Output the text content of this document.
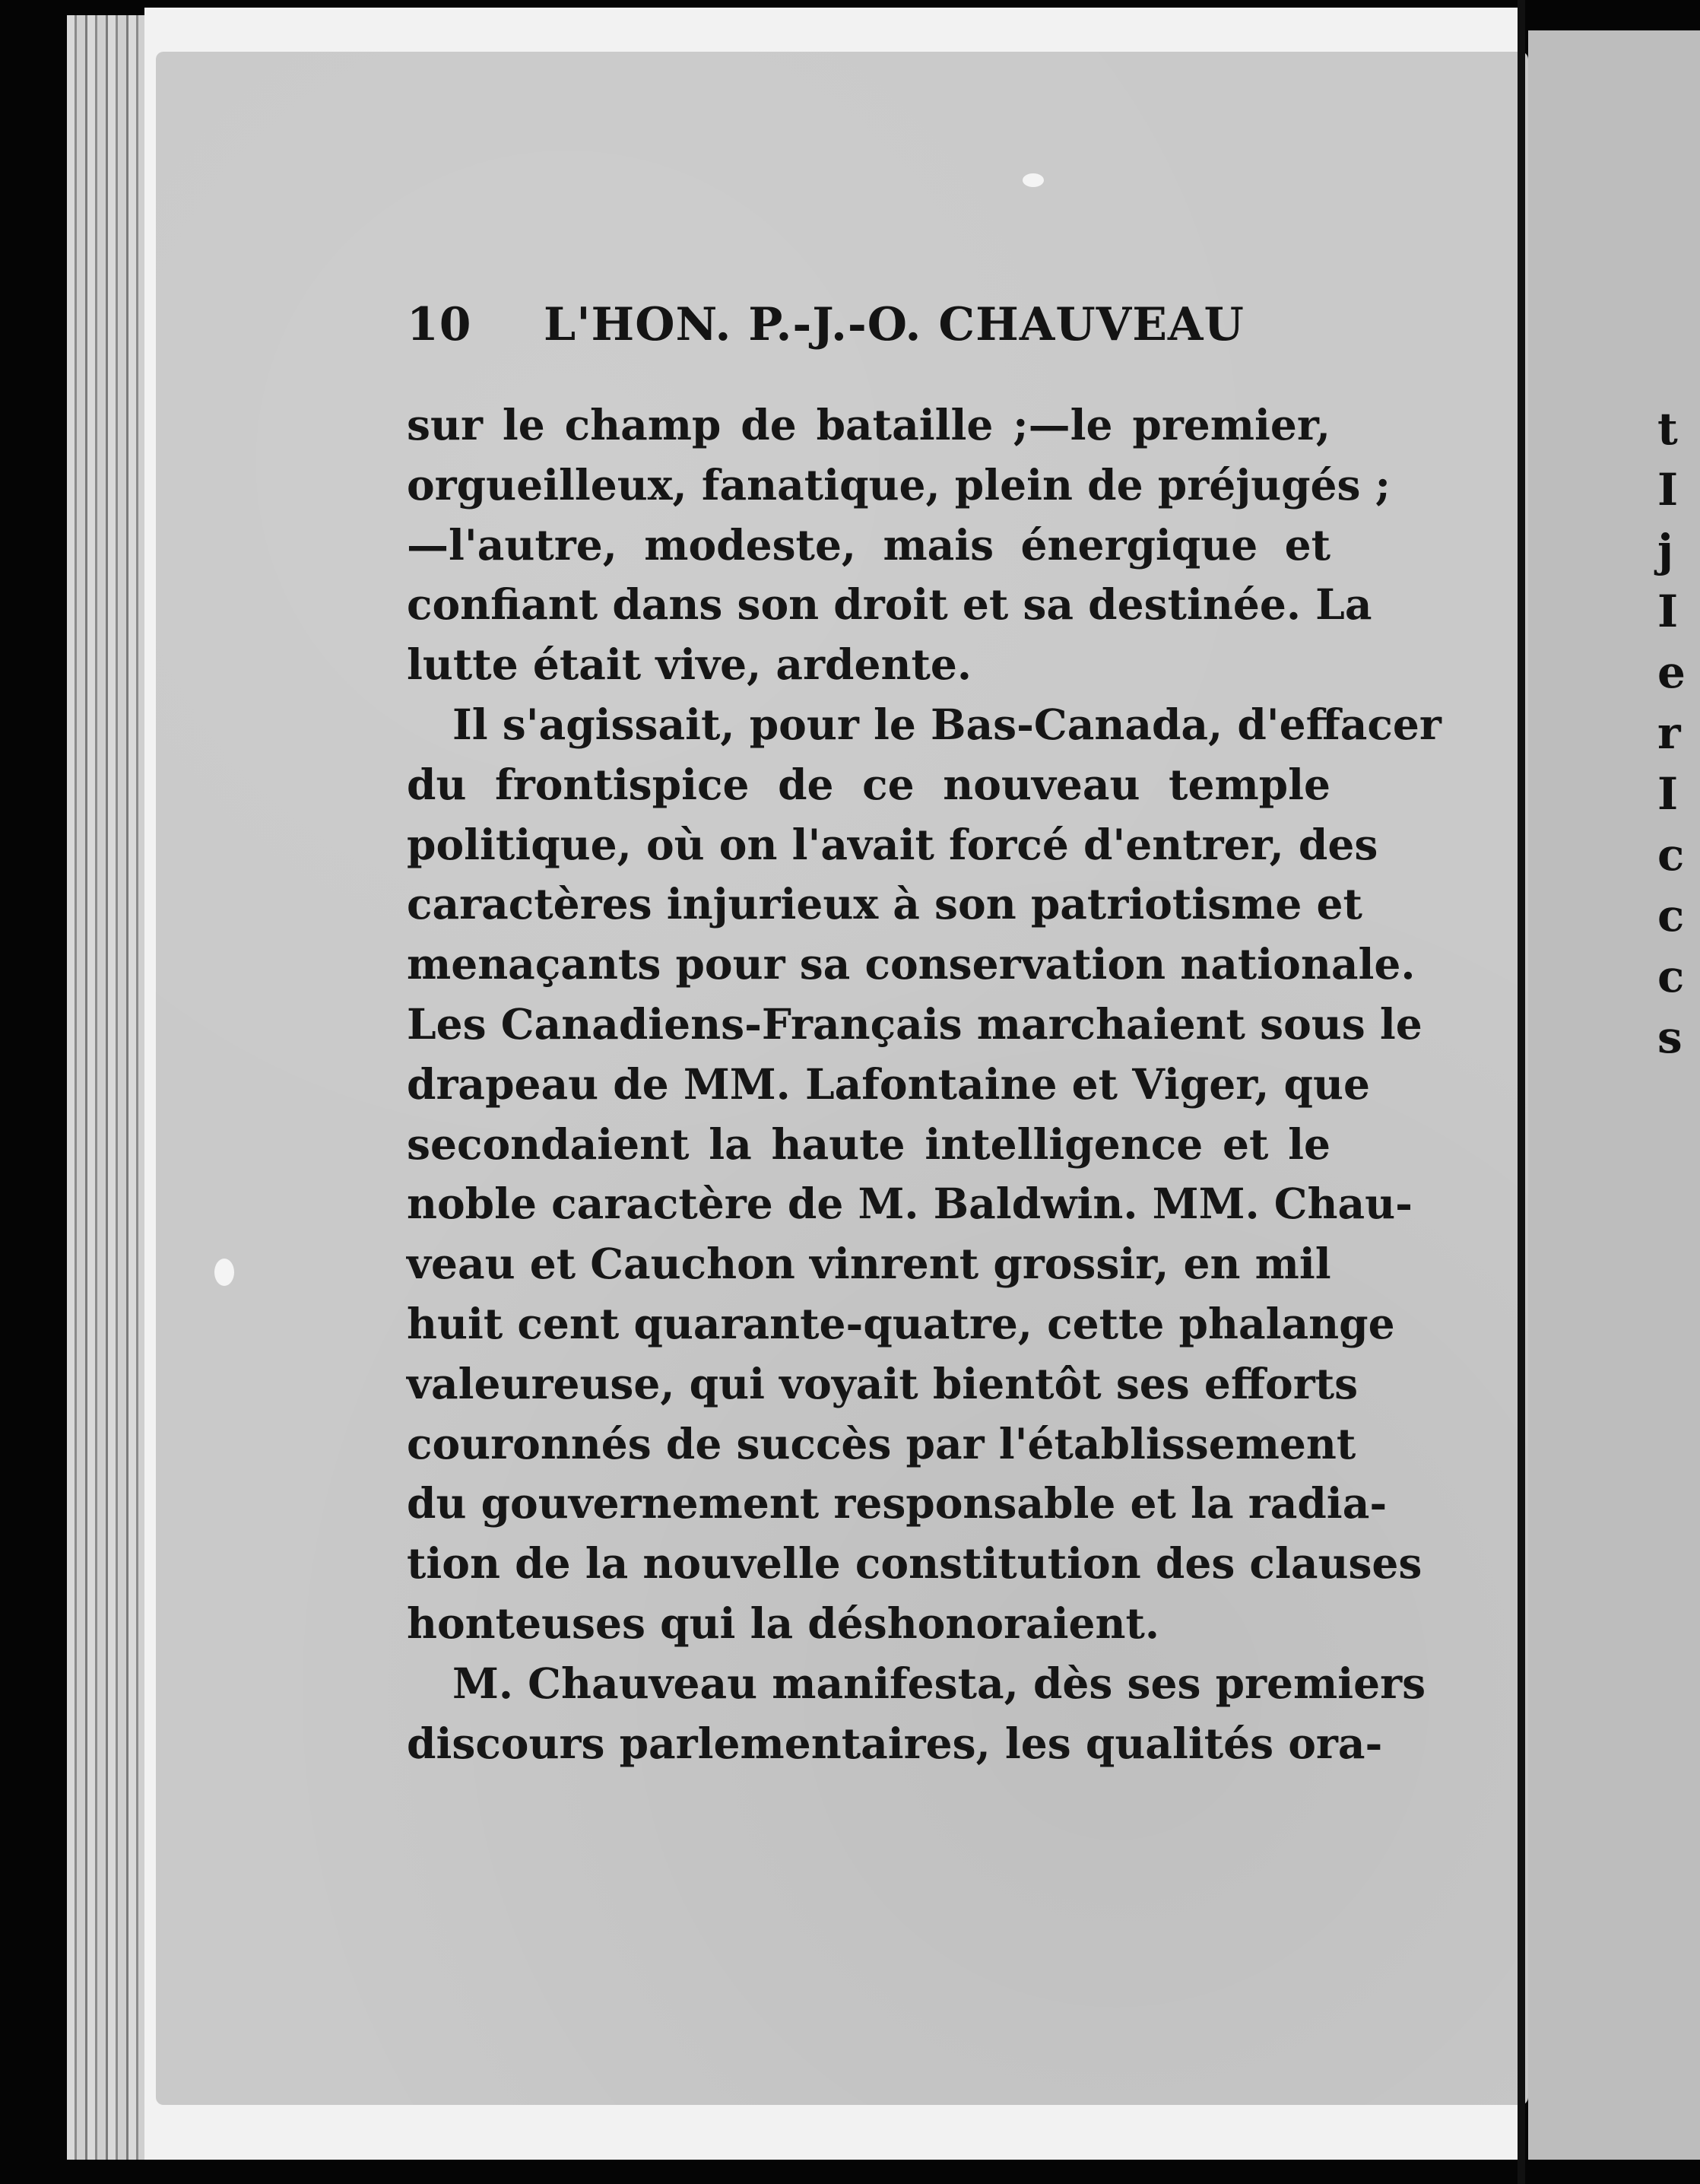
t
I
j
I
e
r
I
c
c
c
s
10 L'HON. P.-J.-O. CHAUVEAU
sur le champ de bataille ;—le premier,
orgueilleux, fanatique, plein de préjugés ;
—l'autre, modeste, mais énergique et
confiant dans son droit et sa destinée. La
lutte était vive, ardente.
Il s'agissait, pour le Bas-Canada, d'effacer
du frontispice de ce nouveau temple
politique, où on l'avait forcé d'entrer, des
caractères injurieux à son patriotisme et
menaçants pour sa conservation nationale.
Les Canadiens-Français marchaient sous le
drapeau de MM. Lafontaine et Viger, que
secondaient la haute intelligence et le
noble caractère de M. Baldwin. MM. Chau-
veau et Cauchon vinrent grossir, en mil
huit cent quarante-quatre, cette phalange
valeureuse, qui voyait bientôt ses efforts
couronnés de succès par l'établissement
du gouvernement responsable et la radia-
tion de la nouvelle constitution des clauses
honteuses qui la déshonoraient.
M. Chauveau manifesta, dès ses premiers
discours parlementaires, les qualités ora-
